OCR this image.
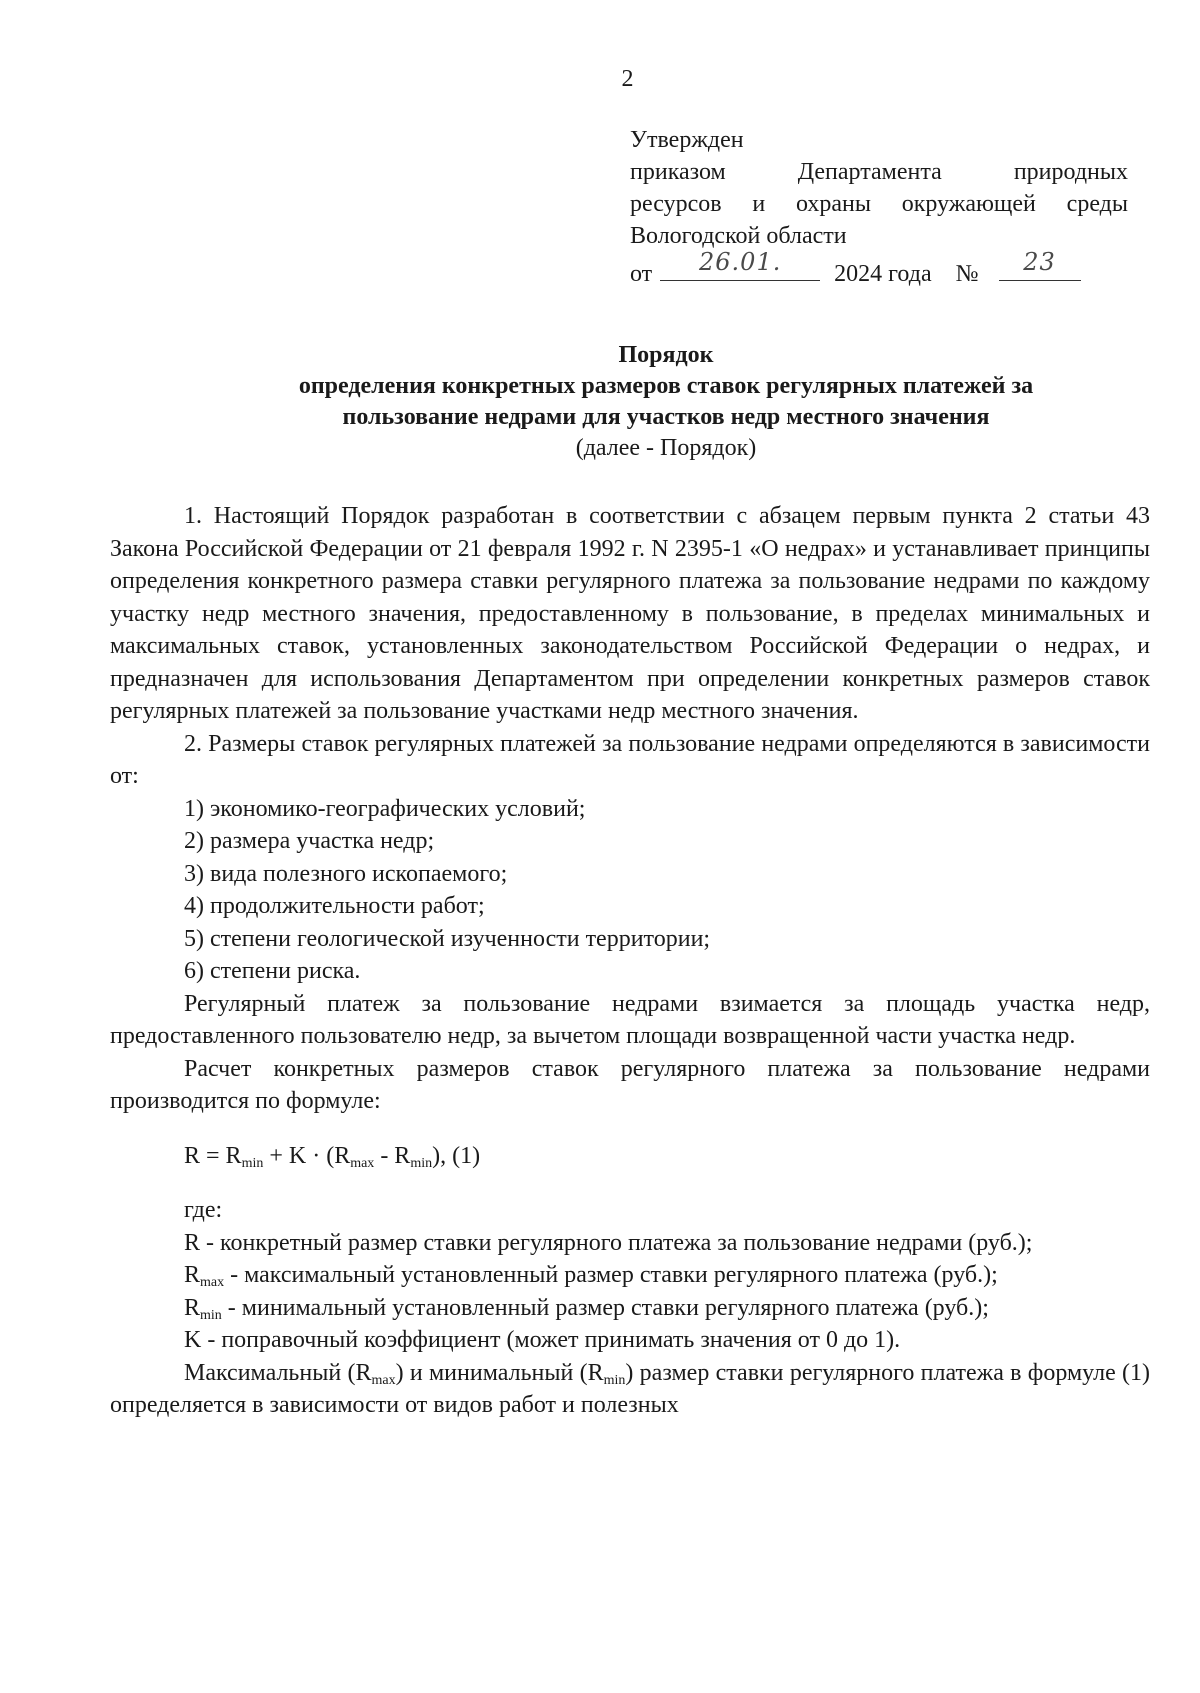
2
Утвержден
приказом Департамента природных
ресурсов и охраны окружающей среды
Вологодской области
от	26.01.	2024 года №	23
Порядок
определения конкретных размеров ставок регулярных платежей за
пользование недрами для участков недр местного значения
(далее - Порядок)

1. Настоящий Порядок разработан в соответствии с абзацем первым пункта 2 статьи 43 Закона Российской Федерации от 21 февраля 1992 г. N 2395-1 «О недрах» и устанавливает принципы определения конкретного размера ставки регулярного платежа за пользование недрами по каждому участку недр местного значения, предоставленному в пользование, в пределах минимальных и максимальных ставок, установленных законодательством Российской Федерации о недрах, и предназначен для использования Департаментом при определении конкретных размеров ставок регулярных платежей за пользование участками недр местного значения.

2. Размеры ставок регулярных платежей за пользование недрами определяются в зависимости от:

1) экономико-географических условий;

2) размера участка недр;

3) вида полезного ископаемого;

4) продолжительности работ;

5) степени геологической изученности территории;

6) степени риска.

Регулярный платеж за пользование недрами взимается за площадь участка недр, предоставленного пользователю недр, за вычетом площади возвращенной части участка недр.

Расчет конкретных размеров ставок регулярного платежа за пользование недрами производится по формуле:

$R = R_{min} + K \cdot (R_{max} - R_{min})$, (1)

где:

R - конкретный размер ставки регулярного платежа за пользование недрами (руб.);

$R_{max}$ - максимальный установленный размер ставки регулярного платежа (руб.);

$R_{min}$ - минимальный установленный размер ставки регулярного платежа (руб.);

K - поправочный коэффициент (может принимать значения от 0 до 1).

Максимальный $(R_{max})$ и минимальный $(R_{min})$ размер ставки регулярного платежа в формуле (1) определяется в зависимости от видов работ и полезных
